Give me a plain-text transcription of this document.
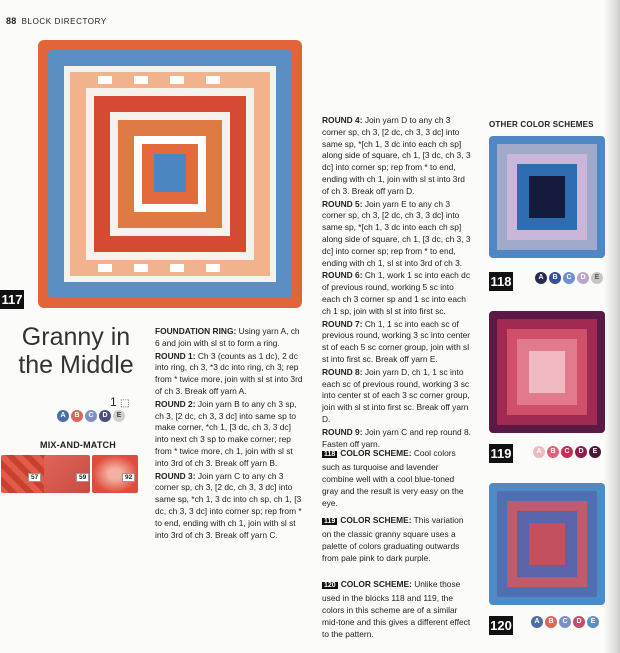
88 BLOCK DIRECTORY
117
Granny in the Middle
1 ⬚
A	B	C	D	E
MIX-AND-MATCH
57	59	92

FOUNDATION RING: Using yarn A, ch 6 and join with sl st to form a ring.

ROUND 1: Ch 3 (counts as 1 dc), 2 dc into ring, ch 3, *3 dc into ring, ch 3; rep from * twice more, join with sl st into 3rd of ch 3. Break off yarn A.

ROUND 2: Join yarn B to any ch 3 sp, ch 3, [2 dc, ch 3, 3 dc] into same sp to make corner, *ch 1, [3 dc, ch 3, 3 dc] into next ch 3 sp to make corner; rep from * twice more, ch 1, join with sl st into 3rd of ch 3. Break off yarn B.

ROUND 3: Join yarn C to any ch 3 corner sp, ch 3, [2 dc, ch 3, 3 dc] into same sp, *ch 1, 3 dc into ch sp, ch 1, [3 dc, ch 3, 3 dc] into corner sp; rep from * to end, ending with ch 1, join with sl st into 3rd of ch 3. Break off yarn C.

ROUND 4: Join yarn D to any ch 3 corner sp, ch 3, [2 dc, ch 3, 3 dc] into same sp, *[ch 1, 3 dc into each ch sp] along side of square, ch 1, [3 dc, ch 3, 3 dc] into corner sp; rep from * to end, ending with ch 1, join with sl st into 3rd of ch 3. Break off yarn D.

ROUND 5: Join yarn E to any ch 3 corner sp, ch 3, [2 dc, ch 3, 3 dc] into same sp, *[ch 1, 3 dc into each ch sp] along side of square, ch 1, [3 dc, ch 3, 3 dc] into corner sp; rep from * to end, ending with ch 1, sl st into 3rd of ch 3.

ROUND 6: Ch 1, work 1 sc into each dc of previous round, working 5 sc into each ch 3 corner sp and 1 sc into each ch 1 sp, join with sl st into first sc.

ROUND 7: Ch 1, 1 sc into each sc of previous round, working 3 sc into center st of each 5 sc corner group, join with sl st into first sc. Break off yarn E.

ROUND 8: Join yarn D, ch 1, 1 sc into each sc of previous round, working 3 sc into center st of each 3 sc corner group, join with sl st into first sc. Break off yarn D.

ROUND 9: Join yarn C and rep round 8. Fasten off yarn.

118 COLOR SCHEME: Cool colors such as turquoise and lavender combine well with a cool blue-toned gray and the result is very easy on the eye.
119 COLOR SCHEME: This variation on the classic granny square uses a palette of colors graduating outwards from pale pink to dark purple.
120 COLOR SCHEME: Unlike those used in the blocks 118 and 119, the colors in this scheme are of a similar mid-tone and this gives a different effect to the pattern.
OTHER COLOR SCHEMES
118	A	B	C	D	E
119	A	B	C	D	E
120	A	B	C	D	E
